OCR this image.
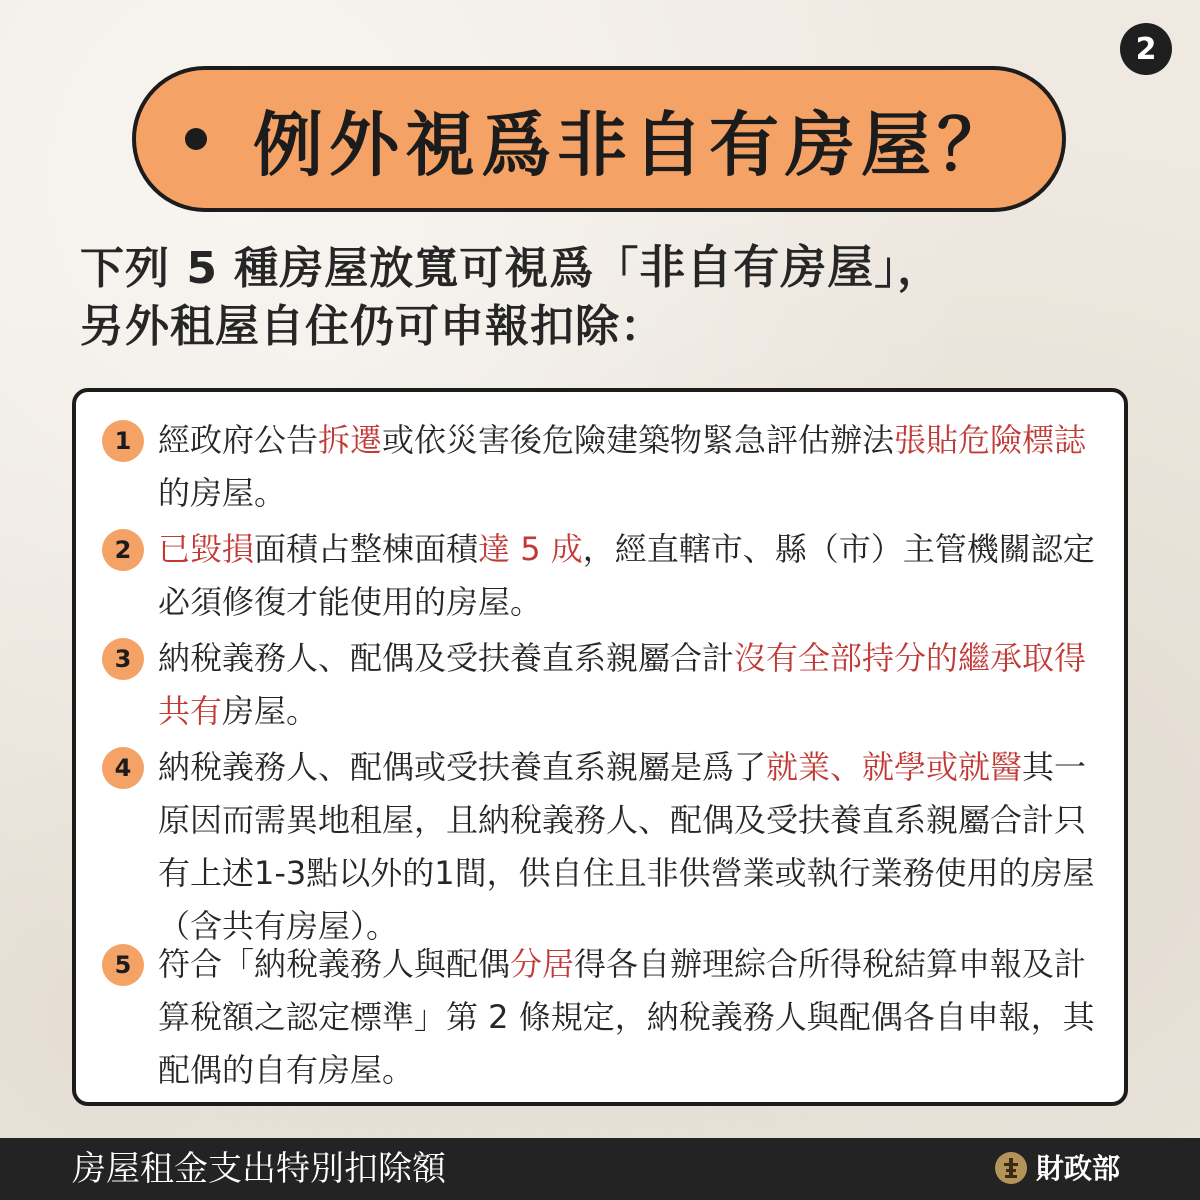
2
例外視爲非自有房屋？
下列 5 種房屋放寬可視爲「非自有房屋」，
另外租屋自住仍可申報扣除：
1 經政府公告拆遷或依災害後危險建築物緊急評估辦法張貼危險標誌的房屋。
2 已毀損面積占整棟面積達 5 成，經直轄市、縣（市）主管機關認定必須修復才能使用的房屋。
3 納稅義務人、配偶及受扶養直系親屬合計沒有全部持分的繼承取得共有房屋。
4 納稅義務人、配偶或受扶養直系親屬是爲了就業、就學或就醫其一原因而需異地租屋，且納稅義務人、配偶及受扶養直系親屬合計只有上述1-3點以外的1間，供自住且非供營業或執行業務使用的房屋（含共有房屋）。
5 符合「納稅義務人與配偶分居得各自辦理綜合所得稅結算申報及計算稅額之認定標準」第 2 條規定，納稅義務人與配偶各自申報，其配偶的自有房屋。
房屋租金支出特別扣除額	財政部
